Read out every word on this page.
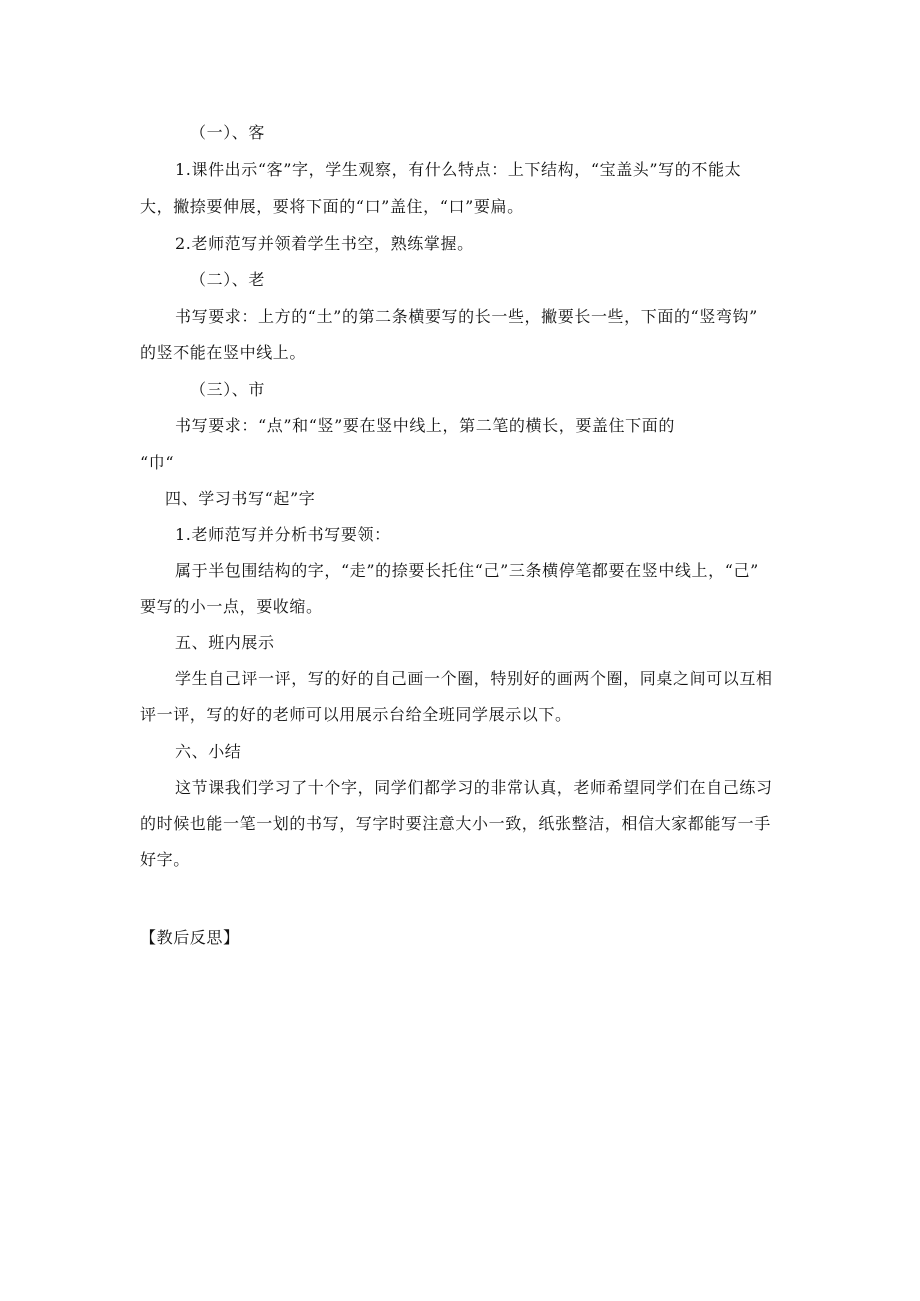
（一）、客
1.课件出示“客”字，学生观察，有什么特点：上下结构，“宝盖头”写的不能太
大，撇捺要伸展，要将下面的“口”盖住，“口”要扁。
2.老师范写并领着学生书空，熟练掌握。
（二）、老
书写要求：上方的“土”的第二条横要写的长一些，撇要长一些，下面的“竖弯钩”
的竖不能在竖中线上。
（三）、市
书写要求：“点”和“竖”要在竖中线上，第二笔的横长，要盖住下面的
“巾“
四、学习书写“起”字
1.老师范写并分析书写要领：
属于半包围结构的字，“走”的捺要长托住“己”三条横停笔都要在竖中线上，“己”
要写的小一点，要收缩。
五、班内展示
学生自己评一评，写的好的自己画一个圈，特别好的画两个圈，同桌之间可以互相
评一评，写的好的老师可以用展示台给全班同学展示以下。
六、小结
这节课我们学习了十个字，同学们都学习的非常认真，老师希望同学们在自己练习
的时候也能一笔一划的书写，写字时要注意大小一致，纸张整洁，相信大家都能写一手
好字。
【教后反思】
